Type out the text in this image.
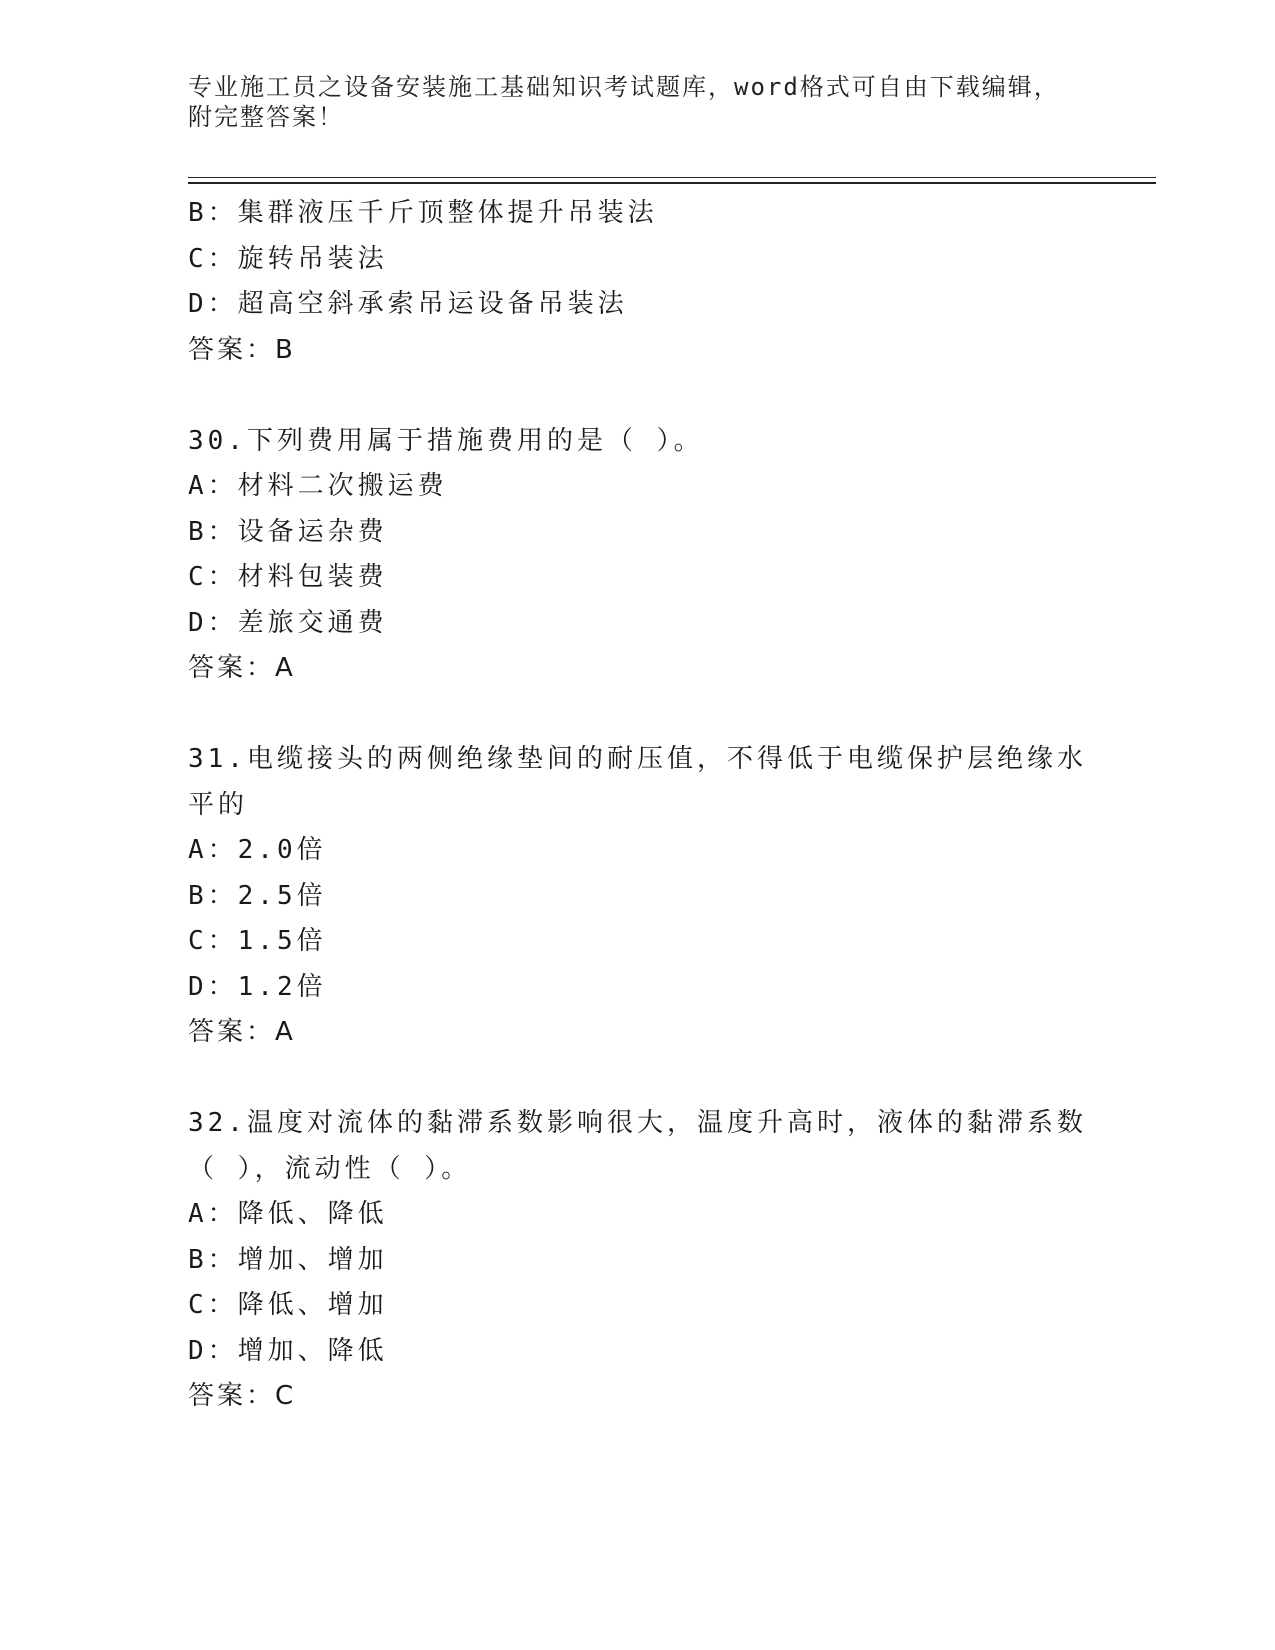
专业施工员之设备安装施工基础知识考试题库，word格式可自由下载编辑，附完整答案！

B：集群液压千斤顶整体提升吊装法

C：旋转吊装法

D：超高空斜承索吊运设备吊装法

答案：B

30.下列费用属于措施费用的是（ ）。

A：材料二次搬运费

B：设备运杂费

C：材料包装费

D：差旅交通费

答案：A

31.电缆接头的两侧绝缘垫间的耐压值，不得低于电缆保护层绝缘水平的

A：2.0倍

B：2.5倍

C：1.5倍

D：1.2倍

答案：A

32.温度对流体的黏滞系数影响很大，温度升高时，液体的黏滞系数（ ），流动性（ ）。

A：降低、降低

B：增加、增加

C：降低、增加

D：增加、降低

答案：C
